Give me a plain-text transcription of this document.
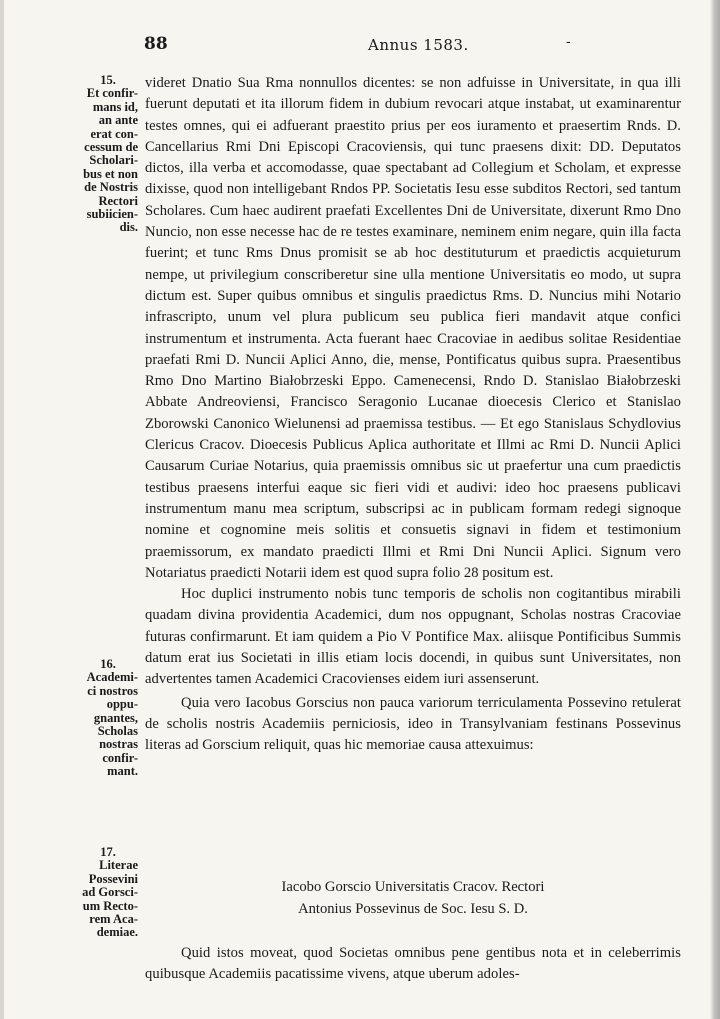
88	Annus 1583.	-
15.
Et confir-
mans id,
an ante
erat con-
cessum de
Scholari-
bus et non
de Nostris
Rectori
subiicien-
dis.
16.
Academi-
ci nostros
oppu-
gnantes,
Scholas
nostras
confir-
mant.
17.
Literae
Possevini
ad Gorsci-
um Recto-
rem Aca-
demiae.

videret Dnatio Sua Rma nonnullos dicentes: se non adfuisse in Universitate, in qua illi fuerunt deputati et ita illorum fidem in dubium revocari atque instabat, ut examinarentur testes omnes, qui ei adfuerant praestito prius per eos iuramento et praesertim Rnds. D. Cancellarius Rmi Dni Episcopi Cracoviensis, qui tunc praesens dixit: DD. Deputatos dictos, illa verba et accomodasse, quae spectabant ad Collegium et Scholam, et expresse dixisse, quod non intelligebant Rndos PP. Societatis Iesu esse subditos Rectori, sed tantum Scholares. Cum haec audirent praefati Excellentes Dni de Universitate, dixerunt Rmo Dno Nuncio, non esse necesse hac de re testes examinare, neminem enim negare, quin illa facta fuerint; et tunc Rms Dnus promisit se ab hoc destituturum et praedictis acquieturum nempe, ut privilegium conscriberetur sine ulla mentione Universitatis eo modo, ut supra dictum est. Super quibus omnibus et singulis praedictus Rms. D. Nuncius mihi Notario infrascripto, unum vel plura publicum seu publica fieri mandavit atque confici instrumentum et instrumenta. Acta fuerant haec Cracoviae in aedibus solitae Residentiae praefati Rmi D. Nuncii Aplici Anno, die, mense, Pontificatus quibus supra. Praesentibus Rmo Dno Martino Białobrzeski Eppo. Camenecensi, Rndo D. Stanislao Białobrzeski Abbate Andreoviensi, Francisco Seragonio Lucanae dioecesis Clerico et Stanislao Zborowski Canonico Wielunensi ad praemissa testibus. — Et ego Stanislaus Schydlovius Clericus Cracov. Dioecesis Publicus Aplica authoritate et Illmi ac Rmi D. Nuncii Aplici Causarum Curiae Notarius, quia praemissis omnibus sic ut praefertur una cum praedictis testibus praesens interfui eaque sic fieri vidi et audivi: ideo hoc praesens publicavi instrumentum manu mea scriptum, subscripsi ac in publicam formam redegi signoque nomine et cognomine meis solitis et consuetis signavi in fidem et testimonium praemissorum, ex mandato praedicti Illmi et Rmi Dni Nuncii Aplici. Signum vero Notariatus praedicti Notarii idem est quod supra folio 28 positum est.

Hoc duplici instrumento nobis tunc temporis de scholis non cogitantibus mirabili quadam divina providentia Academici, dum nos oppugnant, Scholas nostras Cracoviae futuras confirmarunt. Et iam quidem a Pio V Pontifice Max. aliisque Pontificibus Summis datum erat ius Societati in illis etiam locis docendi, in quibus sunt Universitates, non advertentes tamen Academici Cracovienses eidem iuri assenserunt.

Quia vero Iacobus Gorscius non pauca variorum terriculamenta Possevino retulerat de scholis nostris Academiis perniciosis, ideo in Transylvaniam festinans Possevinus literas ad Gorscium reliquit, quas hic memoriae causa attexuimus:

Iacobo Gorscio Universitatis Cracov. Rectori
Antonius Possevinus de Soc. Iesu S. D.

Quid istos moveat, quod Societas omnibus pene gentibus nota et in celeberrimis quibusque Academiis pacatissime vivens, atque uberum adoles-
